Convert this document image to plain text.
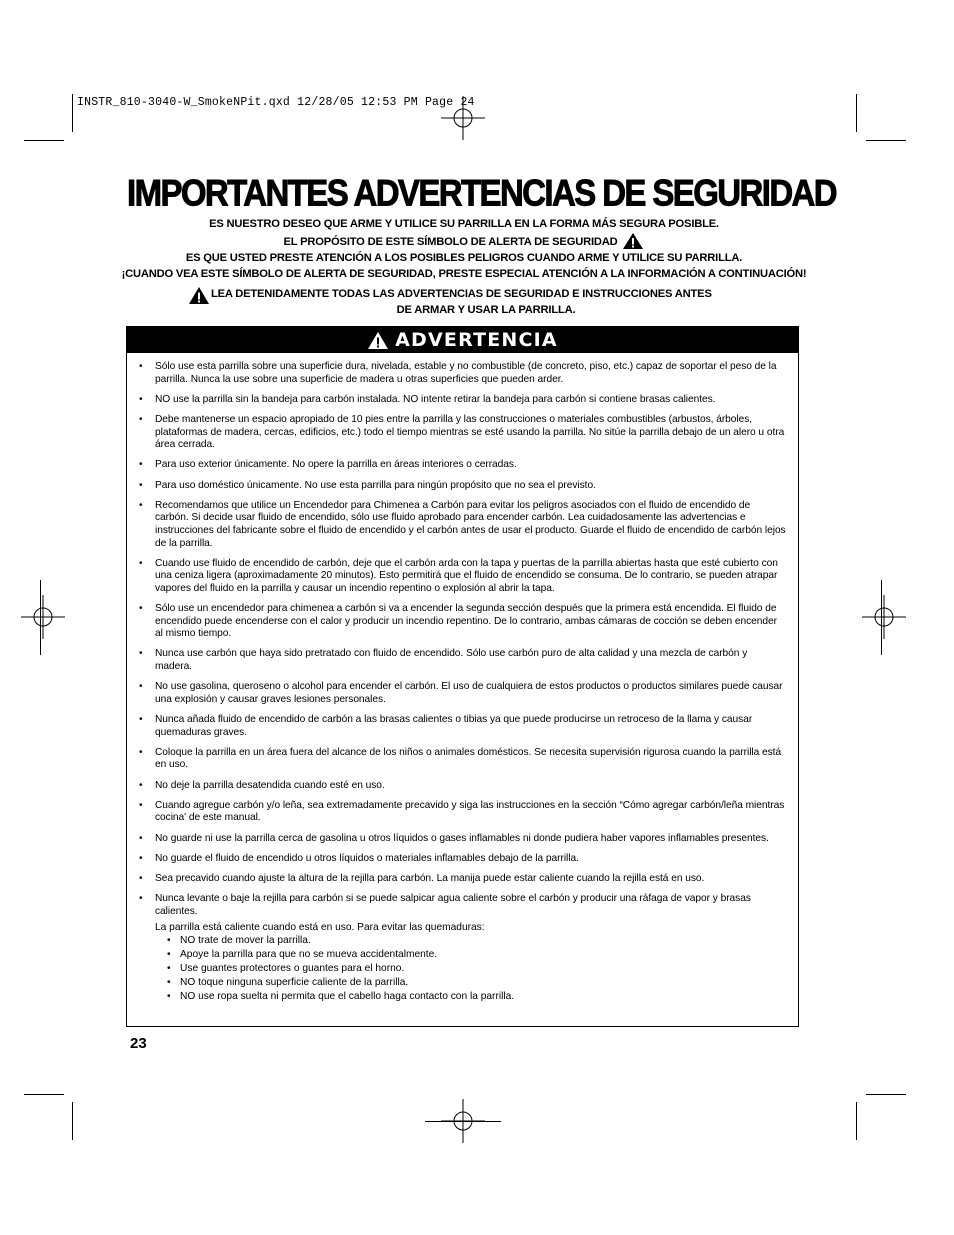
INSTR_810-3040-W_SmokeNPit.qxd 12/28/05 12:53 PM Page 24
IMPORTANTES ADVERTENCIAS DE SEGURIDAD
ES NUESTRO DESEO QUE ARME Y UTILICE SU PARRILLA EN LA FORMA MÁS SEGURA POSIBLE.
EL PROPÓSITO DE ESTE SÍMBOLO DE ALERTA DE SEGURIDAD
ES QUE USTED PRESTE ATENCIÓN A LOS POSIBLES PELIGROS CUANDO ARME Y UTILICE SU PARRILLA.
¡CUANDO VEA ESTE SÍMBOLO DE ALERTA DE SEGURIDAD, PRESTE ESPECIAL ATENCIÓN A LA INFORMACIÓN A CONTINUACIÓN!
LEA DETENIDAMENTE TODAS LAS ADVERTENCIAS DE SEGURIDAD E INSTRUCCIONES ANTES
DE ARMAR Y USAR LA PARRILLA.
ADVERTENCIA
• Sólo use esta parrilla sobre una superficie dura, nivelada, estable y no combustible (de concreto, piso, etc.) capaz de soportar el peso de la parrilla. Nunca la use sobre una superficie de madera u otras superficies que pueden arder.
• NO use la parrilla sin la bandeja para carbón instalada. NO intente retirar la bandeja para carbón si contiene brasas calientes.
• Debe mantenerse un espacio apropiado de 10 pies entre la parrilla y las construcciones o materiales combustibles (arbustos, árboles, plataformas de madera, cercas, edificios, etc.) todo el tiempo mientras se esté usando la parrilla. No sitúe la parrilla debajo de un alero u otra área cerrada.
• Para uso exterior únicamente. No opere la parrilla en áreas interiores o cerradas.
• Para uso doméstico únicamente. No use esta parrilla para ningún propósito que no sea el previsto.
• Recomendamos que utilice un Encendedor para Chimenea a Carbón para evitar los peligros asociados con el fluido de encendido de carbón. Si decide usar fluido de encendido, sólo use fluido aprobado para encender carbón. Lea cuidadosamente las advertencias e instrucciones del fabricante sobre el fluido de encendido y el carbón antes de usar el producto. Guarde el fluido de encendido de carbón lejos de la parrilla.
• Cuando use fluido de encendido de carbón, deje que el carbón arda con la tapa y puertas de la parrilla abiertas hasta que esté cubierto con una ceniza ligera (aproximadamente 20 minutos). Esto permitirá que el fluido de encendido se consuma. De lo contrario, se pueden atrapar vapores del fluido en la parrilla y causar un incendio repentino o explosión al abrir la tapa.
• Sólo use un encendedor para chimenea a carbón si va a encender la segunda sección después que la primera está encendida. El fluido de encendido puede encenderse con el calor y producir un incendio repentino. De lo contrario, ambas cámaras de cocción se deben encender al mismo tiempo.
• Nunca use carbón que haya sido pretratado con fluido de encendido. Sólo use carbón puro de alta calidad y una mezcla de carbón y madera.
• No use gasolina, queroseno o alcohol para encender el carbón. El uso de cualquiera de estos productos o productos similares puede causar una explosión y causar graves lesiones personales.
• Nunca añada fluido de encendido de carbón a las brasas calientes o tibias ya que puede producirse un retroceso de la llama y causar quemaduras graves.
• Coloque la parrilla en un área fuera del alcance de los niños o animales domésticos. Se necesita supervisión rigurosa cuando la parrilla está en uso.
• No deje la parrilla desatendida cuando esté en uso.
• Cuando agregue carbón y/o leña, sea extremadamente precavido y siga las instrucciones en la sección “Cómo agregar carbón/leña mientras cocina' de este manual.
• No guarde ni use la parrilla cerca de gasolina u otros líquidos o gases inflamables ni donde pudiera haber vapores inflamables presentes.
• No guarde el fluido de encendido u otros líquidos o materiales inflamables debajo de la parrilla.
• Sea precavido cuando ajuste la altura de la rejilla para carbón. La manija puede estar caliente cuando la rejilla está en uso.
• Nunca levante o baje la rejilla para carbón si se puede salpicar agua caliente sobre el carbón y producir una ráfaga de vapor y brasas calientes.
La parrilla está caliente cuando está en uso. Para evitar las quemaduras:
• NO trate de mover la parrilla.
• Apoye la parrilla para que no se mueva accidentalmente.
• Use guantes protectores o guantes para el horno.
• NO toque ninguna superficie caliente de la parrilla.
• NO use ropa suelta ni permita que el cabello haga contacto con la parrilla.
23
